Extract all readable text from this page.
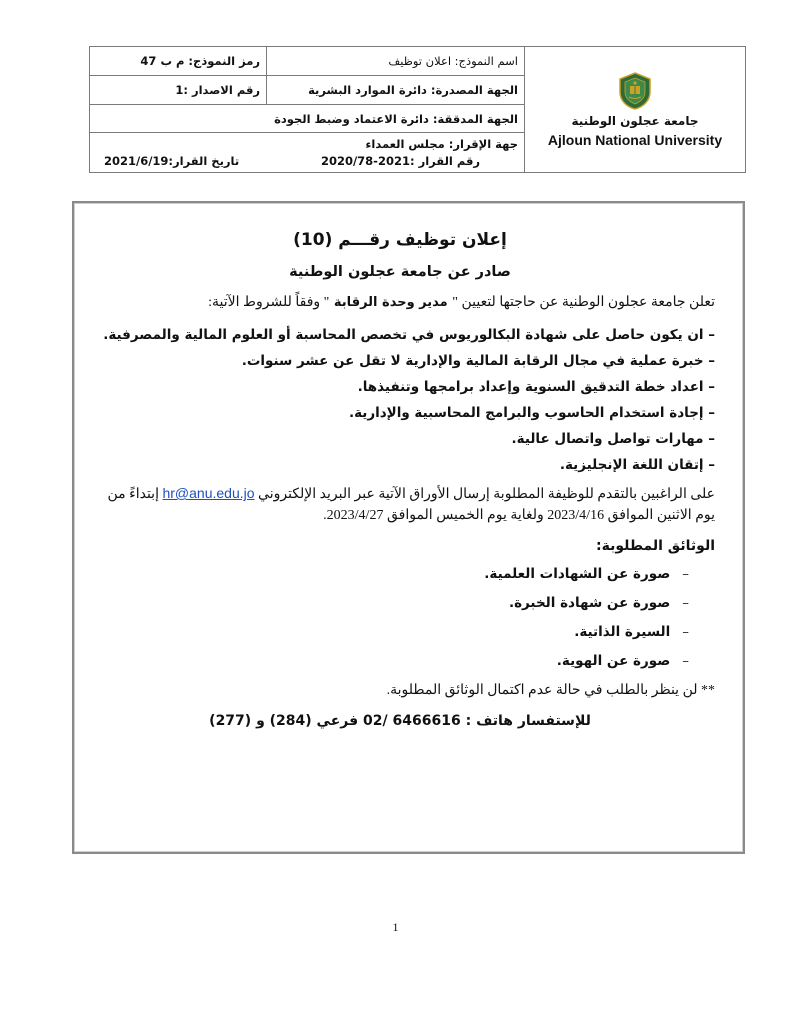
رمز النموذج: م ب 47	اسم النموذج: اعلان توظيف	جامعة عجلون الوطنية
Ajloun National University

رقم الاصدار :1	الجهة المصدرة: دائرة الموارد البشرية	

الجهة المدققة: دائرة الاعتماد وضبط الجودة		

جهة الإقرار: مجلس العمداء
رقم القرار :2021-2020/78
تاريخ القرار:2021/6/19		
إعلان توظيف رقـــم (10)
صادر عن جامعة عجلون الوطنية
تعلن جامعة عجلون الوطنية عن حاجتها لتعيين " مدير وحدة الرقابة " وفقاً للشروط الآتية:
– ان يكون حاصل على شهادة البكالوريوس في تخصص المحاسبة أو العلوم المالية والمصرفية.
– خبرة عملية في مجال الرقابة المالية والإدارية لا تقل عن عشر سنوات.
– اعداد خطة التدقيق السنوية وإعداد برامجها وتنفيذها.
– إجادة استخدام الحاسوب والبرامج المحاسبية والإدارية.
– مهارات تواصل واتصال عالية.
– إتقان اللغة الإنجليزية.
على الراغبين بالتقدم للوظيفة المطلوبة إرسال الأوراق الآتية عبر البريد الإلكتروني hr@anu.edu.jo إبتداءً من يوم الاثنين الموافق 2023/4/16 ولغاية يوم الخميس الموافق 2023/4/27.
الوثائق المطلوبة:
–صورة عن الشهادات العلمية.
–صورة عن شهادة الخبرة.
–السيرة الذاتية.
–صورة عن الهوية.
** لن ينظر بالطلب في حالة عدم اكتمال الوثائق المطلوبة.
للإستفسار هاتف : 6466616 /02 فرعي (284) و (277)
1
